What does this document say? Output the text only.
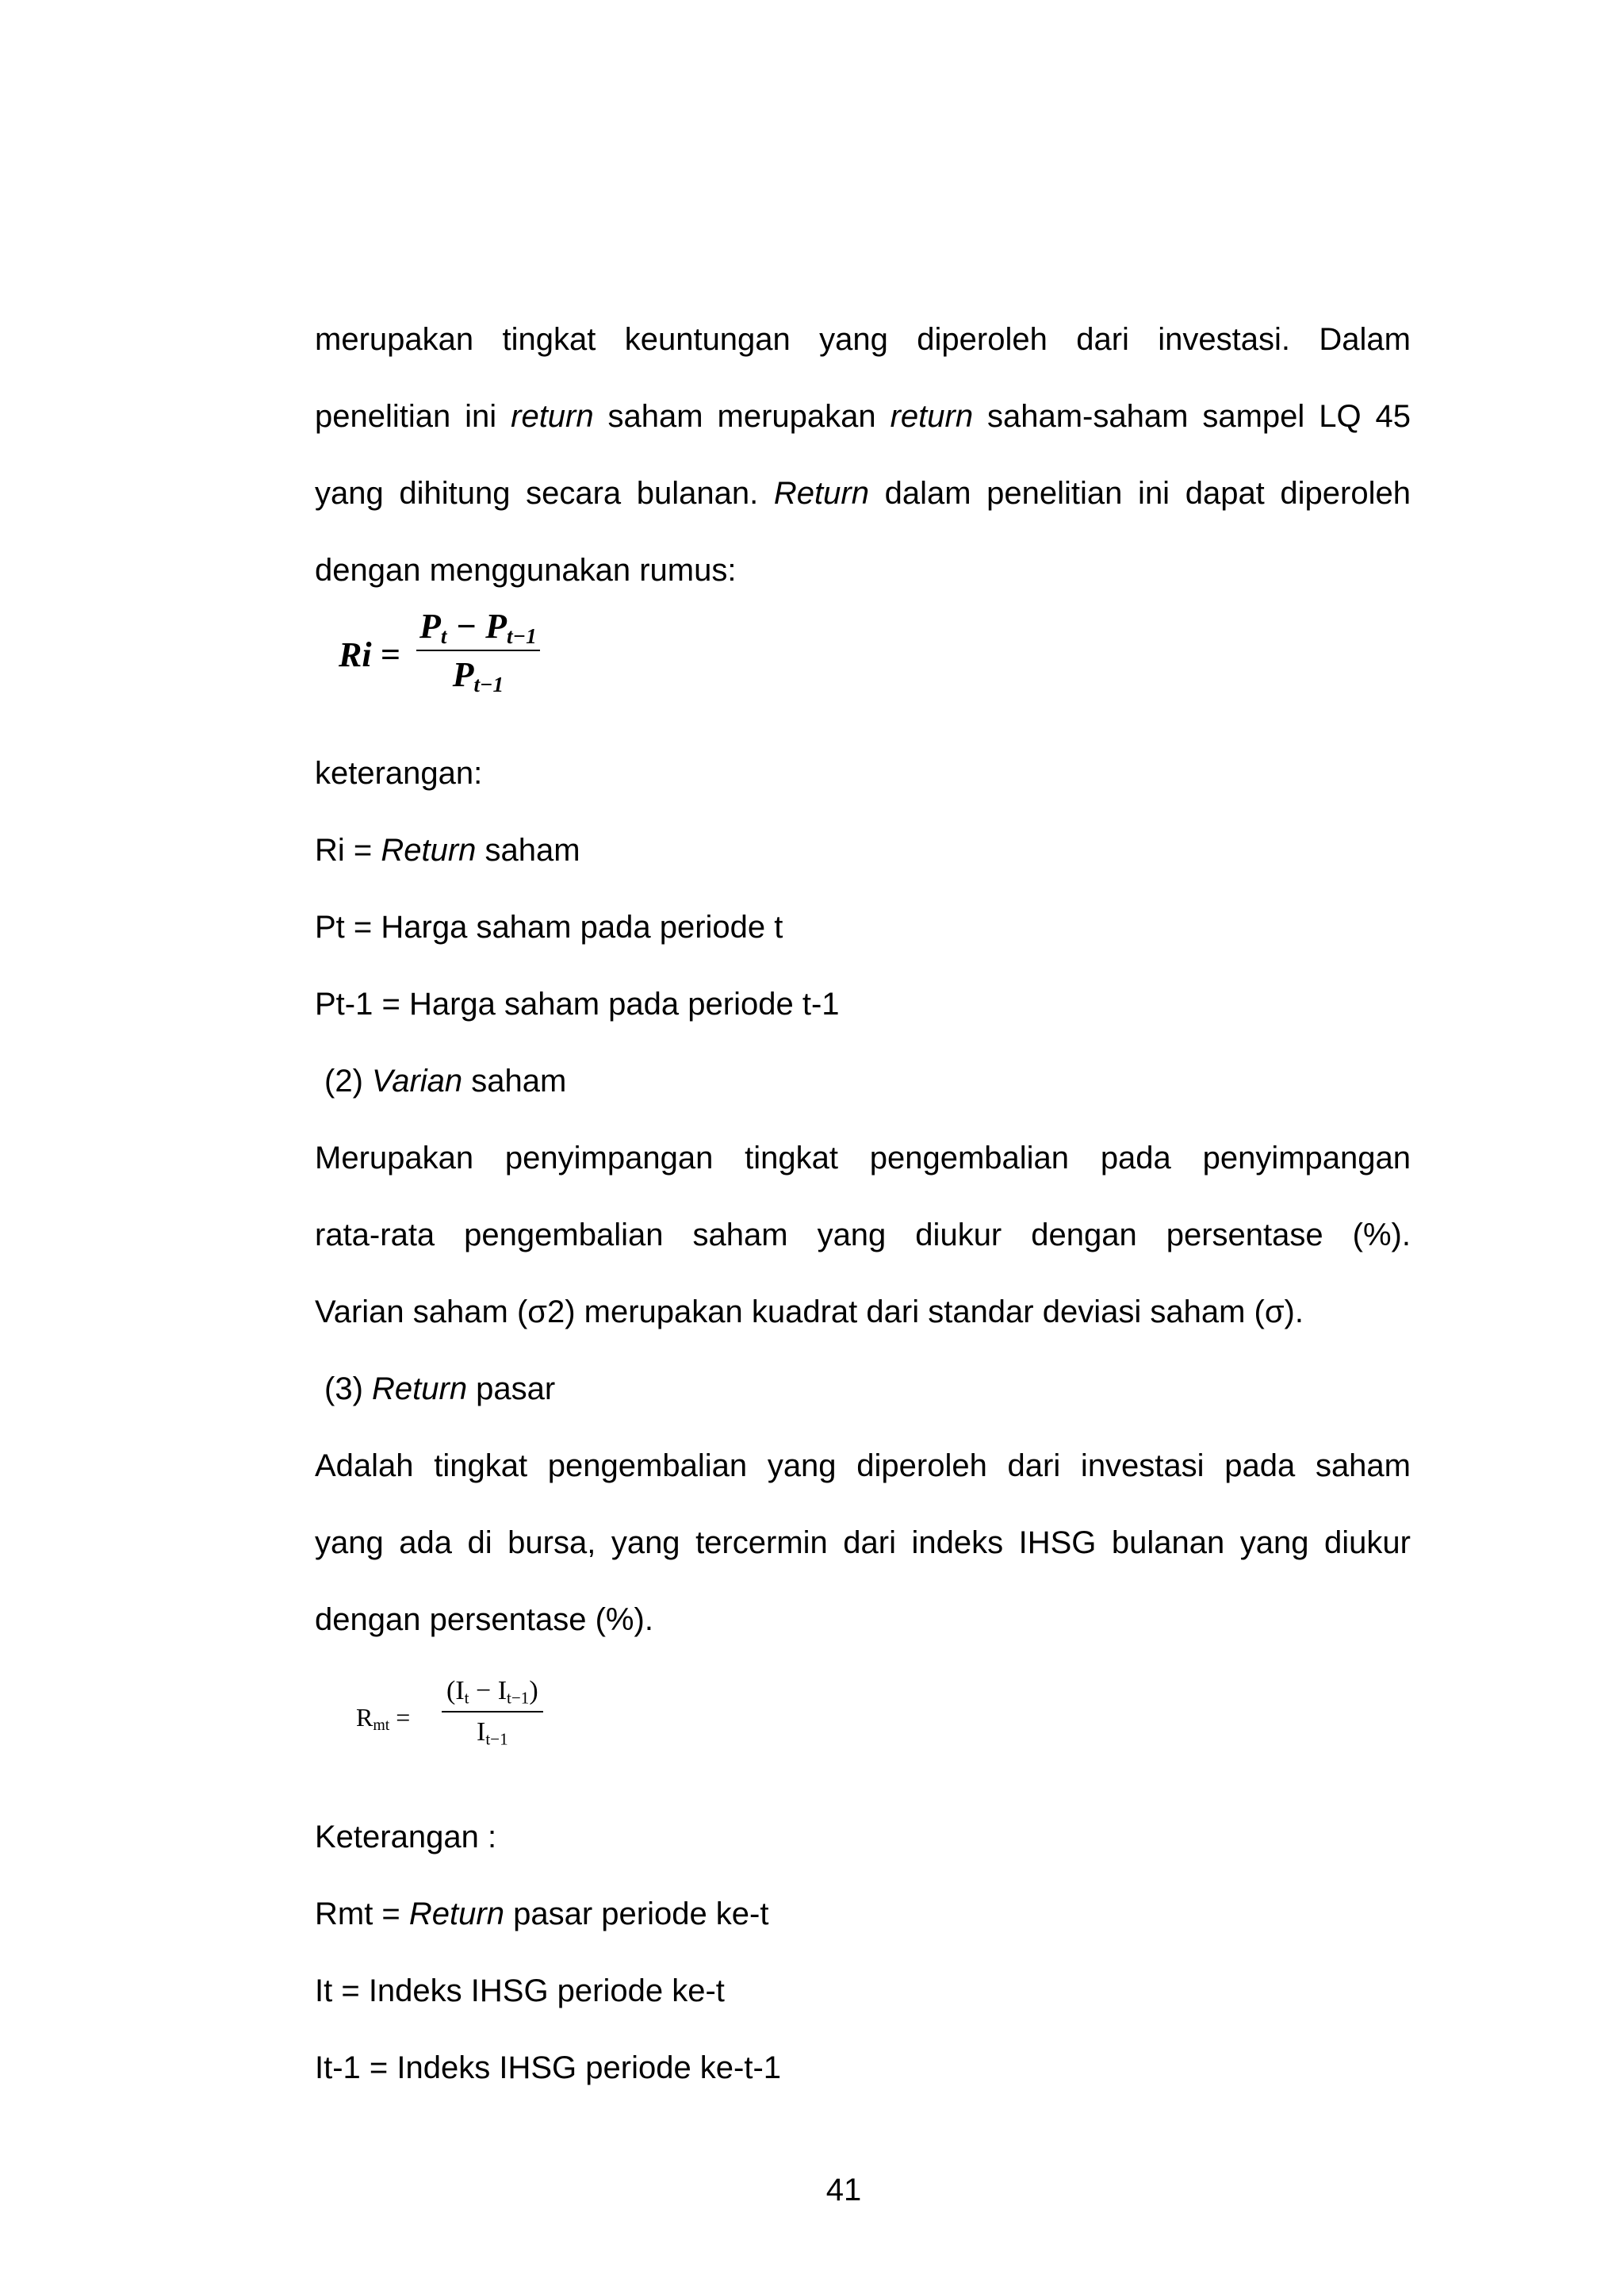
merupakan tingkat keuntungan yang diperoleh dari investasi. Dalam
penelitian ini return saham merupakan return saham-saham sampel LQ 45
yang dihitung secara bulanan. Return dalam penelitian ini dapat diperoleh
dengan menggunakan rumus:
Ri =
$P_t - P_{t-1}$
$P_{t-1}$
keterangan:
Ri = Return saham
Pt = Harga saham pada periode t
Pt-1 = Harga saham pada periode t-1
(2) Varian saham
Merupakan penyimpangan tingkat pengembalian pada penyimpangan
rata-rata pengembalian saham yang diukur dengan persentase (%).
Varian saham (σ2) merupakan kuadrat dari standar deviasi saham (σ).
(3) Return pasar
Adalah tingkat pengembalian yang diperoleh dari investasi pada saham
yang ada di bursa, yang tercermin dari indeks IHSG bulanan yang diukur
dengan persentase (%).
$R_{mt}$ =
$(I_t - I_{t-1})$
$I_{t-1}$
Keterangan :
Rmt = Return pasar periode ke-t
It = Indeks IHSG periode ke-t
It-1 = Indeks IHSG periode ke-t-1
41
